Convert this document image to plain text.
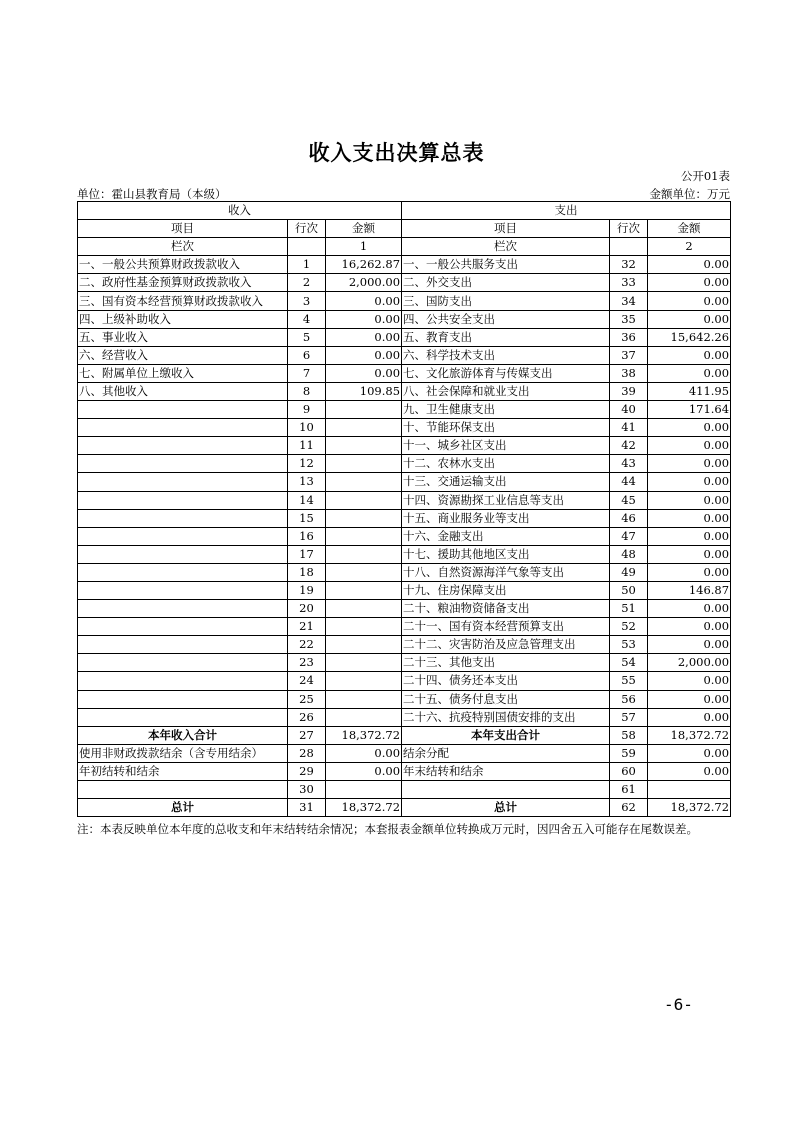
收入支出决算总表
公开01表
单位：霍山县教育局（本级）	金额单位：万元
收入			支出		
项目	行次	金额	项目	行次	金额
栏次		1	栏次		2
一、一般公共预算财政拨款收入	1	16,262.87	一、一般公共服务支出	32	0.00
二、政府性基金预算财政拨款收入	2	2,000.00	二、外交支出	33	0.00
三、国有资本经营预算财政拨款收入	3	0.00	三、国防支出	34	0.00
四、上级补助收入	4	0.00	四、公共安全支出	35	0.00
五、事业收入	5	0.00	五、教育支出	36	15,642.26
六、经营收入	6	0.00	六、科学技术支出	37	0.00
七、附属单位上缴收入	7	0.00	七、文化旅游体育与传媒支出	38	0.00
八、其他收入	8	109.85	八、社会保障和就业支出	39	411.95
	9		九、卫生健康支出	40	171.64
	10		十、节能环保支出	41	0.00
	11		十一、城乡社区支出	42	0.00
	12		十二、农林水支出	43	0.00
	13		十三、交通运输支出	44	0.00
	14		十四、资源勘探工业信息等支出	45	0.00
	15		十五、商业服务业等支出	46	0.00
	16		十六、金融支出	47	0.00
	17		十七、援助其他地区支出	48	0.00
	18		十八、自然资源海洋气象等支出	49	0.00
	19		十九、住房保障支出	50	146.87
	20		二十、粮油物资储备支出	51	0.00
	21		二十一、国有资本经营预算支出	52	0.00
	22		二十二、灾害防治及应急管理支出	53	0.00
	23		二十三、其他支出	54	2,000.00
	24		二十四、债务还本支出	55	0.00
	25		二十五、债务付息支出	56	0.00
	26		二十六、抗疫特别国债安排的支出	57	0.00
本年收入合计	27	18,372.72	本年支出合计	58	18,372.72
使用非财政拨款结余（含专用结余）	28	0.00	结余分配	59	0.00
年初结转和结余	29	0.00	年末结转和结余	60	0.00
	30			61	
总计	31	18,372.72	总计	62	18,372.72
注：本表反映单位本年度的总收支和年末结转结余情况；本套报表金额单位转换成万元时，因四舍五入可能存在尾数误差。
-6-
